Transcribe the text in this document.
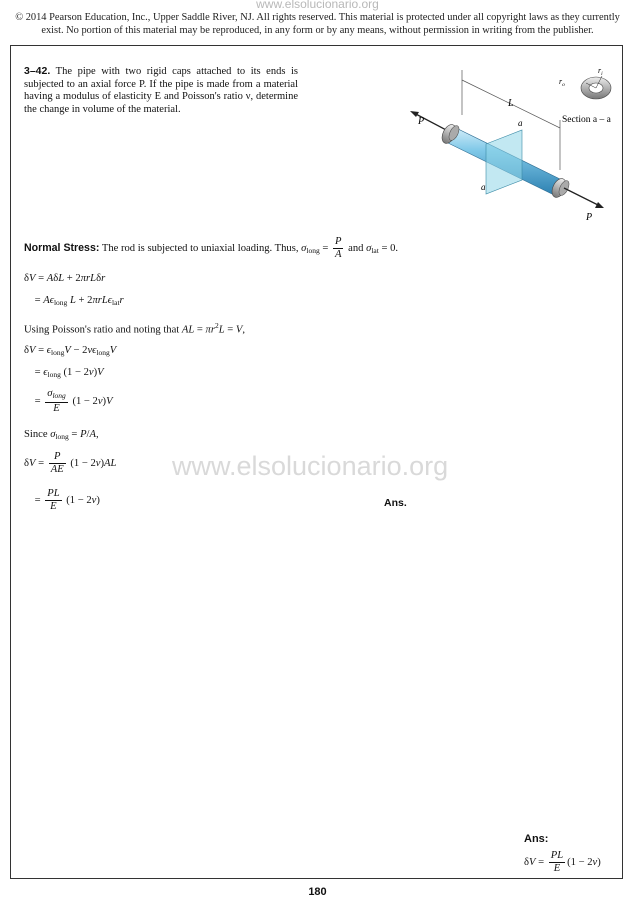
www.elsolucionario.org
© 2014 Pearson Education, Inc., Upper Saddle River, NJ. All rights reserved. This material is protected under all copyright laws as they currently exist. No portion of this material may be reproduced, in any form or by any means, without permission in writing from the publisher.
3–42. The pipe with two rigid caps attached to its ends is subjected to an axial force P. If the pipe is made from a material having a modulus of elasticity E and Poisson's ratio ν, determine the change in volume of the material.
L
P	a
a
P
$r_o$
$r_i$
Section a – a
Normal Stress: The rod is subjected to uniaxial loading. Thus, $\sigma_{long} = \frac{P}{A}$ and $\sigma_{lat} = 0$.
δV = AδL + 2πrLδr
= $A\epsilon_{long}$ L + 2πrLϵ$_{lat}$r
Using Poisson's ratio and noting that AL = $\pi r^2L = V$,
$\delta V = \epsilon_{long}V - 2\nu\epsilon_{long}V$
= $\epsilon_{long}$ (1 − 2ν)V
= $\frac{\sigma_{long}}{E} (1 - 2\nu)V$
Since $\sigma_{long} = P/A$,
$\delta V = \frac{P}{AE} (1 - 2\nu)AL$
= $\frac{PL}{E} (1 - 2\nu)$	Ans.
www.elsolucionario.org
Ans:
$\delta V = \frac{PL}{E} (1 - 2\nu)$
180
